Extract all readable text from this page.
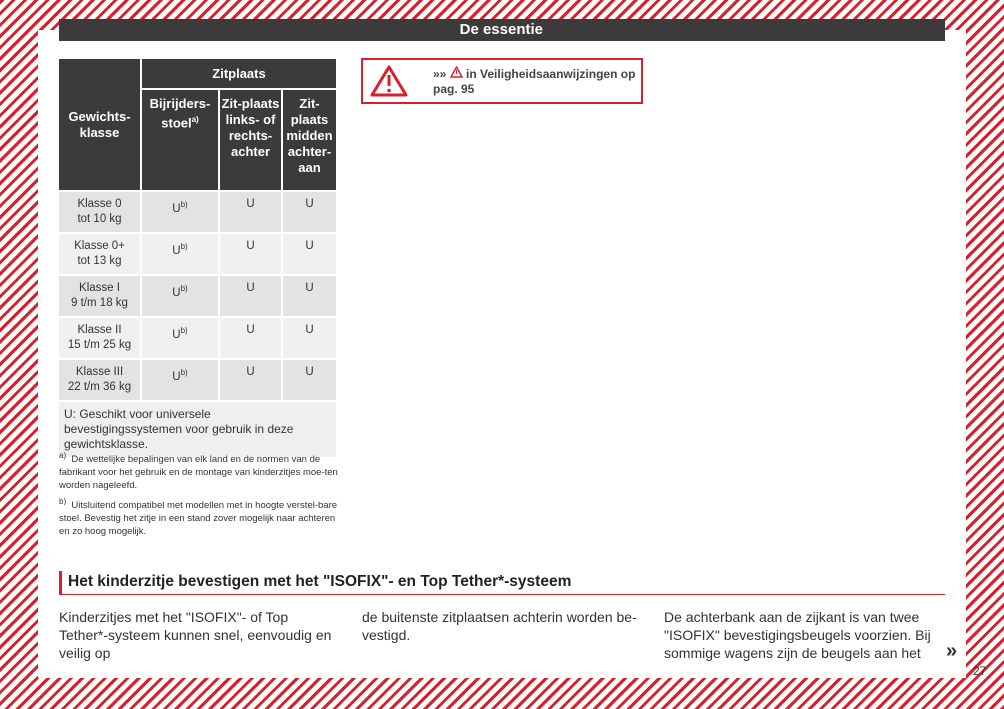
De essentie
Gewichts-klasse	Zitplaats		
	Bijrijders-stoel$^{a)}$	Zit-plaats links- of rechts-achter	Zit-plaats midden achter-aan
Klasse 0
tot 10 kg	$U^{b)}$	U	U
Klasse 0+
tot 13 kg	$U^{b)}$	U	U
Klasse I
9 t/m 18 kg	$U^{b)}$	U	U
Klasse II
15 t/m 25 kg	$U^{b)}$	U	U
Klasse III
22 t/m 36 kg	$U^{b)}$	U	U
U: Geschikt voor universele bevestigingssystemen voor gebruik in deze gewichtsklasse.			
$^{a)}$ De wettelijke bepalingen van elk land en de normen van de fabrikant voor het gebruik en de montage van kinderzitjes moe-ten worden nageleefd.
$^{b)}$ Uitsluitend compatibel met modellen met in hoogte verstel-bare stoel. Bevestig het zitje in een stand zover mogelijk naar achteren en zo hoog mogelijk.
»» in Veiligheidsaanwijzingen op pag. 95
Het kinderzitje bevestigen met het "ISOFIX"- en Top Tether*-systeem
Kinderzitjes met het "ISOFIX"- of Top Tether*-systeem kunnen snel, eenvoudig en veilig op
de buitenste zitplaatsen achterin worden be-vestigd.
De achterbank aan de zijkant is van twee "ISOFIX" bevestigingsbeugels voorzien. Bij sommige wagens zijn de beugels aan het	»
27
